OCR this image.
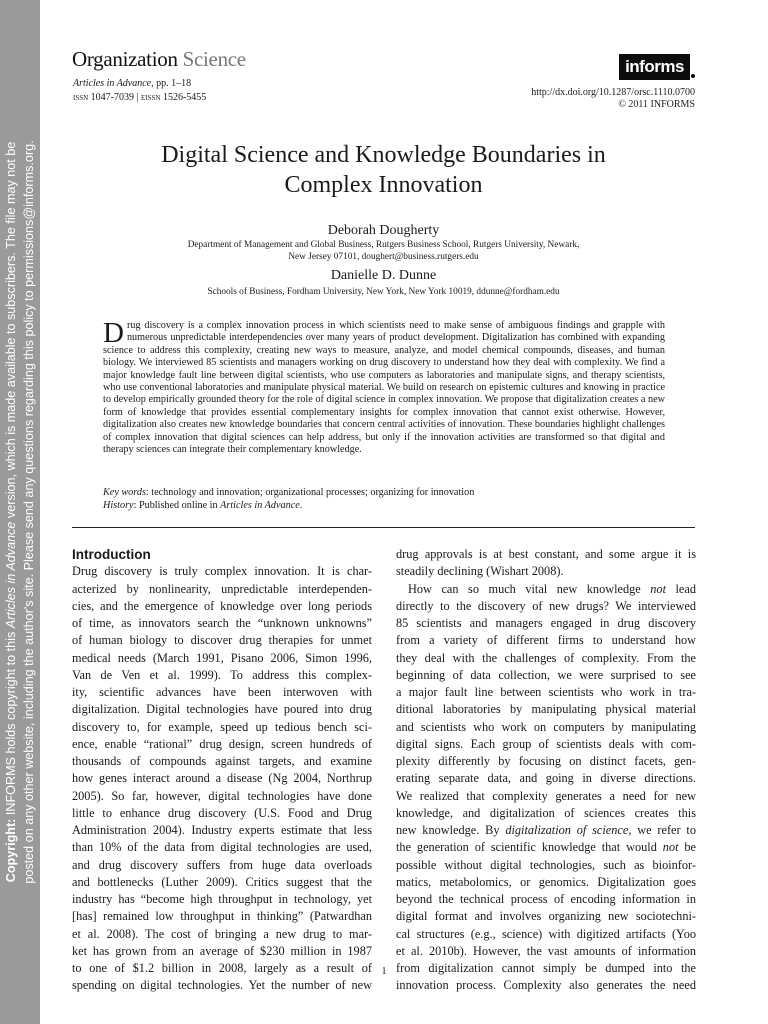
Copyright: INFORMS holds copyright to this Articles in Advance version, which is made available to subscribers. The file may not be posted on any other website, including the author's site. Please send any questions regarding this policy to permissions@informs.org.
Organization Science
Articles in Advance, pp. 1–18
issn 1047-7039 | eissn 1526-5455
informs
http://dx.doi.org/10.1287/orsc.1110.0700
© 2011 INFORMS
Digital Science and Knowledge Boundaries in
Complex Innovation
Deborah Dougherty
Department of Management and Global Business, Rutgers Business School, Rutgers University, Newark,
New Jersey 07101, doughert@business.rutgers.edu
Danielle D. Dunne
Schools of Business, Fordham University, New York, New York 10019, ddunne@fordham.edu
Drug discovery is a complex innovation process in which scientists need to make sense of ambiguous findings and grapple with numerous unpredictable interdependencies over many years of product development. Digitalization has combined with expanding science to address this complexity, creating new ways to measure, analyze, and model chemical compounds, diseases, and human biology. We interviewed 85 scientists and managers working on drug discovery to understand how they deal with complexity. We find a major knowledge fault line between digital scientists, who use computers as laboratories and manipulate signs, and therapy scientists, who use conventional laboratories and manipulate physical material. We build on research on epistemic cultures and knowing in practice to develop empirically grounded theory for the role of digital science in complex innovation. We propose that digitalization creates a new form of knowledge that provides essential complementary insights for complex innovation that cannot exist otherwise. However, digitalization also creates new knowledge boundaries that concern central activities of innovation. These boundaries highlight challenges of complex innovation that digital sciences can help address, but only if the innovation activities are transformed so that digital and therapy sciences can integrate their complementary knowledge.
Key words: technology and innovation; organizational processes; organizing for innovation
History: Published online in Articles in Advance.
Introduction
Drug discovery is truly complex innovation. It is char-
acterized by nonlinearity, unpredictable interdependen-
cies, and the emergence of knowledge over long periods
of time, as innovators search the “unknown unknowns”
of human biology to discover drug therapies for unmet
medical needs (March 1991, Pisano 2006, Simon 1996,
Van de Ven et al. 1999). To address this complex-
ity, scientific advances have been interwoven with
digitalization. Digital technologies have poured into drug
discovery to, for example, speed up tedious bench sci-
ence, enable “rational” drug design, screen hundreds of
thousands of compounds against targets, and examine
how genes interact around a disease (Ng 2004, Northrup
2005). So far, however, digital technologies have done
little to enhance drug discovery (U.S. Food and Drug
Administration 2004). Industry experts estimate that less
than 10% of the data from digital technologies are used,
and drug discovery suffers from huge data overloads
and bottlenecks (Luther 2009). Critics suggest that the
industry has “become high throughput in technology, yet
[has] remained low throughput in thinking” (Patwardhan
et al. 2008). The cost of bringing a new drug to mar-
ket has grown from an average of $230 million in 1987
to one of $1.2 billion in 2008, largely as a result of
spending on digital technologies. Yet the number of new
drug approvals is at best constant, and some argue it is
steadily declining (Wishart 2008).
How can so much vital new knowledge not lead
directly to the discovery of new drugs? We interviewed
85 scientists and managers engaged in drug discovery
from a variety of different firms to understand how
they deal with the challenges of complexity. From the
beginning of data collection, we were surprised to see
a major fault line between scientists who work in tra-
ditional laboratories by manipulating physical material
and scientists who work on computers by manipulating
digital signs. Each group of scientists deals with com-
plexity differently by focusing on distinct facets, gen-
erating separate data, and going in diverse directions.
We realized that complexity generates a need for new
knowledge, and digitalization of sciences creates this
new knowledge. By digitalization of science, we refer to
the generation of scientific knowledge that would not be
possible without digital technologies, such as bioinfor-
matics, metabolomics, or genomics. Digitalization goes
beyond the technical process of encoding information in
digital format and involves organizing new sociotechni-
cal structures (e.g., science) with digitized artifacts (Yoo
et al. 2010b). However, the vast amounts of information
from digitalization cannot simply be dumped into the
innovation process. Complexity also generates the need
1
